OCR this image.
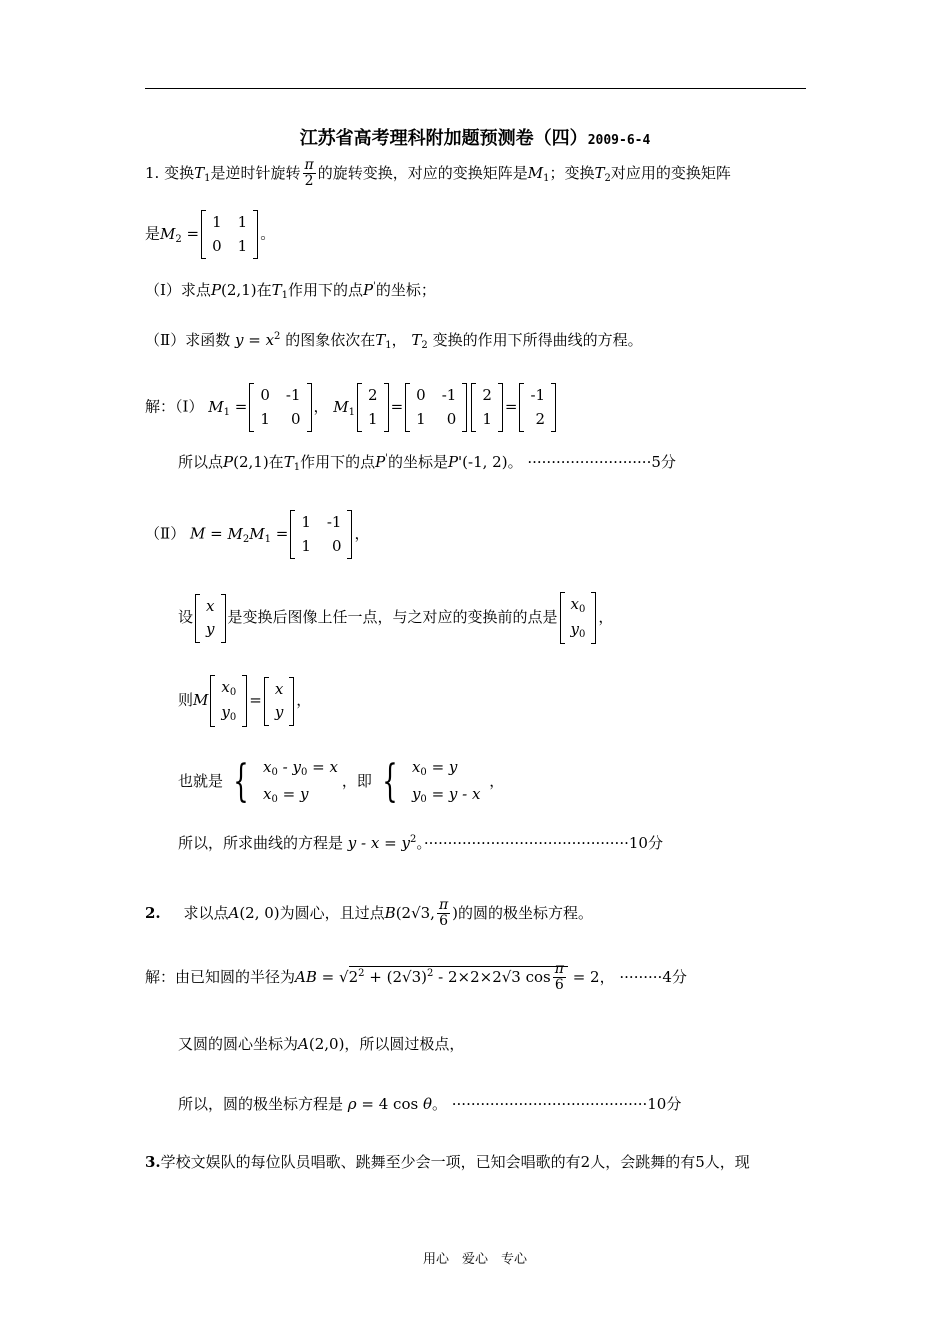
江苏省高考理科附加题预测卷（四）2009-6-4
1. 变换$T_1$是逆时针旋转 $\frac{\pi}{2}$ 的旋转变换，对应的变换矩阵是$M_1$；变换$T_2$对应用的变换矩阵
是$M_2$ =
1 1
0 1
。
（Ⅰ）求点P(2,1)在$T_1$作用下的点P'的坐标；
（Ⅱ）求函数 $y = x^2$ 的图象依次在$T_1$， $T_2$ 变换的作用下所得曲线的方程。
解：（Ⅰ） $M_1$ =
0 -1
1	0
， $M_1$
2
1
=
0 -1
1	0
2
1
=
-1
2
所以点P(2,1)在$T_1$作用下的点P'的坐标是P'(-1, 2)。 ··························5分
（Ⅱ） $M = M_2M_1$ =
1 -1
1	0
，
设
x
y
是变换后图像上任一点，与之对应的变换前的点是
$x_0$
$y_0$
，
则M
$x_0$
$y_0$
=
x
y
，
也就是 { $x_0 - y_0 = x$
$x_0 = y$
，即 { $x_0 = y$
$y_0 = y - x$
，
所以，所求曲线的方程是 $y - x = y^2$。···········································10分
2. 求以点A(2, 0)为圆心，且过点B(2√3, $\frac{\pi}{6}$ )的圆的极坐标方程。
解：由已知圆的半径为AB = $√2^2 + (2√3)^2 - 2\times 2\times 2√3$ $\cos \frac{\pi}{6} = 2$， ·········4分
又圆的圆心坐标为A(2,0)，所以圆过极点，
所以，圆的极坐标方程是 ρ = 4 cos θ。 ·········································10分
3.学校文娱队的每位队员唱歌、跳舞至少会一项，已知会唱歌的有2人，会跳舞的有5人，现
用心　爱心　专心
